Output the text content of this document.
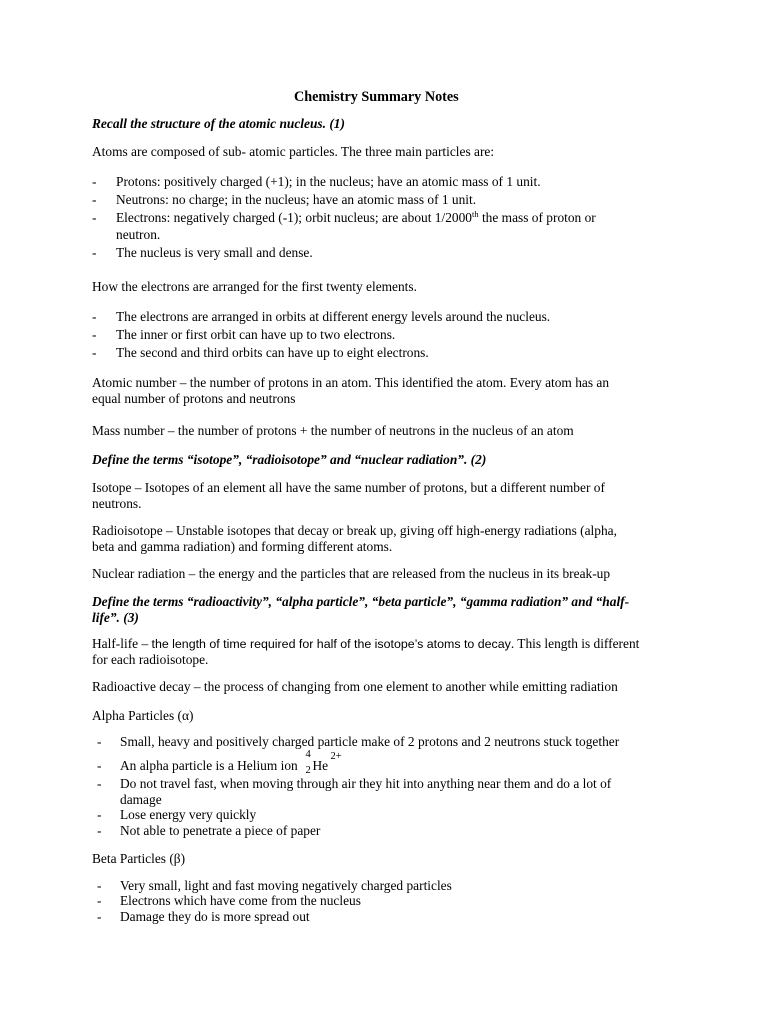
Chemistry Summary Notes
Recall the structure of the atomic nucleus. (1)
Atoms are composed of sub- atomic particles. The three main particles are:
- Protons: positively charged (+1); in the nucleus; have an atomic mass of 1 unit.
- Neutrons: no charge; in the nucleus; have an atomic mass of 1 unit.
- Electrons: negatively charged (-1); orbit nucleus; are about 1/2000th the mass of proton or
neutron.
- The nucleus is very small and dense.
How the electrons are arranged for the first twenty elements.
- The electrons are arranged in orbits at different energy levels around the nucleus.
- The inner or first orbit can have up to two electrons.
- The second and third orbits can have up to eight electrons.
Atomic number – the number of protons in an atom. This identified the atom. Every atom has an
equal number of protons and neutrons
Mass number – the number of protons + the number of neutrons in the nucleus of an atom
Define the terms “isotope”, “radioisotope” and “nuclear radiation”. (2)
Isotope – Isotopes of an element all have the same number of protons, but a different number of
neutrons.
Radioisotope – Unstable isotopes that decay or break up, giving off high-energy radiations (alpha,
beta and gamma radiation) and forming different atoms.
Nuclear radiation – the energy and the particles that are released from the nucleus in its break-up
Define the terms “radioactivity”, “alpha particle”, “beta particle”, “gamma radiation” and “half-
life”. (3)
Half-life – the length of time required for half of the isotope’s atoms to decay. This length is different
for each radioisotope.
Radioactive decay – the process of changing from one element to another while emitting radiation
Alpha Particles (α)
- Small, heavy and positively charged particle make of 2 protons and 2 neutrons stuck together
- An alpha particle is a Helium ion
4
2 He
2+
- Do not travel fast, when moving through air they hit into anything near them and do a lot of
damage
- Lose energy very quickly
- Not able to penetrate a piece of paper
Beta Particles (β)
- Very small, light and fast moving negatively charged particles
- Electrons which have come from the nucleus
- Damage they do is more spread out
